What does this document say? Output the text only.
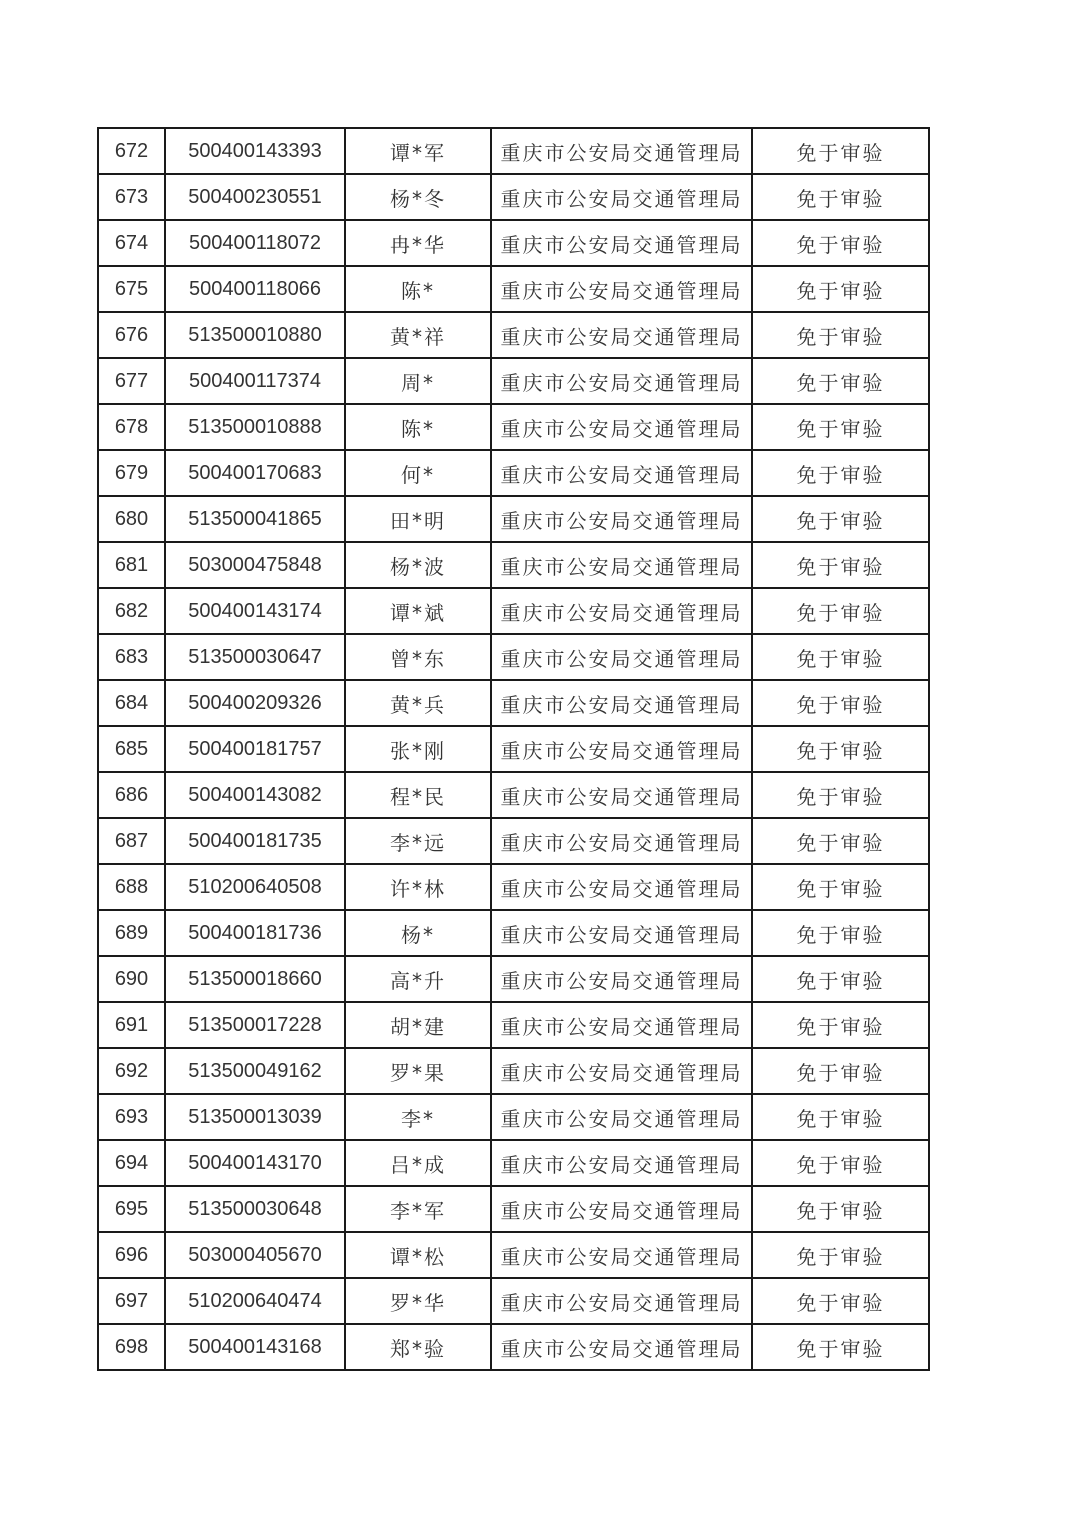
672	500400143393	谭*军	重庆市公安局交通管理局	免于审验
673	500400230551	杨*冬	重庆市公安局交通管理局	免于审验
674	500400118072	冉*华	重庆市公安局交通管理局	免于审验
675	500400118066	陈*	重庆市公安局交通管理局	免于审验
676	513500010880	黄*祥	重庆市公安局交通管理局	免于审验
677	500400117374	周*	重庆市公安局交通管理局	免于审验
678	513500010888	陈*	重庆市公安局交通管理局	免于审验
679	500400170683	何*	重庆市公安局交通管理局	免于审验
680	513500041865	田*明	重庆市公安局交通管理局	免于审验
681	503000475848	杨*波	重庆市公安局交通管理局	免于审验
682	500400143174	谭*斌	重庆市公安局交通管理局	免于审验
683	513500030647	曾*东	重庆市公安局交通管理局	免于审验
684	500400209326	黄*兵	重庆市公安局交通管理局	免于审验
685	500400181757	张*刚	重庆市公安局交通管理局	免于审验
686	500400143082	程*民	重庆市公安局交通管理局	免于审验
687	500400181735	李*远	重庆市公安局交通管理局	免于审验
688	510200640508	许*林	重庆市公安局交通管理局	免于审验
689	500400181736	杨*	重庆市公安局交通管理局	免于审验
690	513500018660	高*升	重庆市公安局交通管理局	免于审验
691	513500017228	胡*建	重庆市公安局交通管理局	免于审验
692	513500049162	罗*果	重庆市公安局交通管理局	免于审验
693	513500013039	李*	重庆市公安局交通管理局	免于审验
694	500400143170	吕*成	重庆市公安局交通管理局	免于审验
695	513500030648	李*军	重庆市公安局交通管理局	免于审验
696	503000405670	谭*松	重庆市公安局交通管理局	免于审验
697	510200640474	罗*华	重庆市公安局交通管理局	免于审验
698	500400143168	郑*验	重庆市公安局交通管理局	免于审验
